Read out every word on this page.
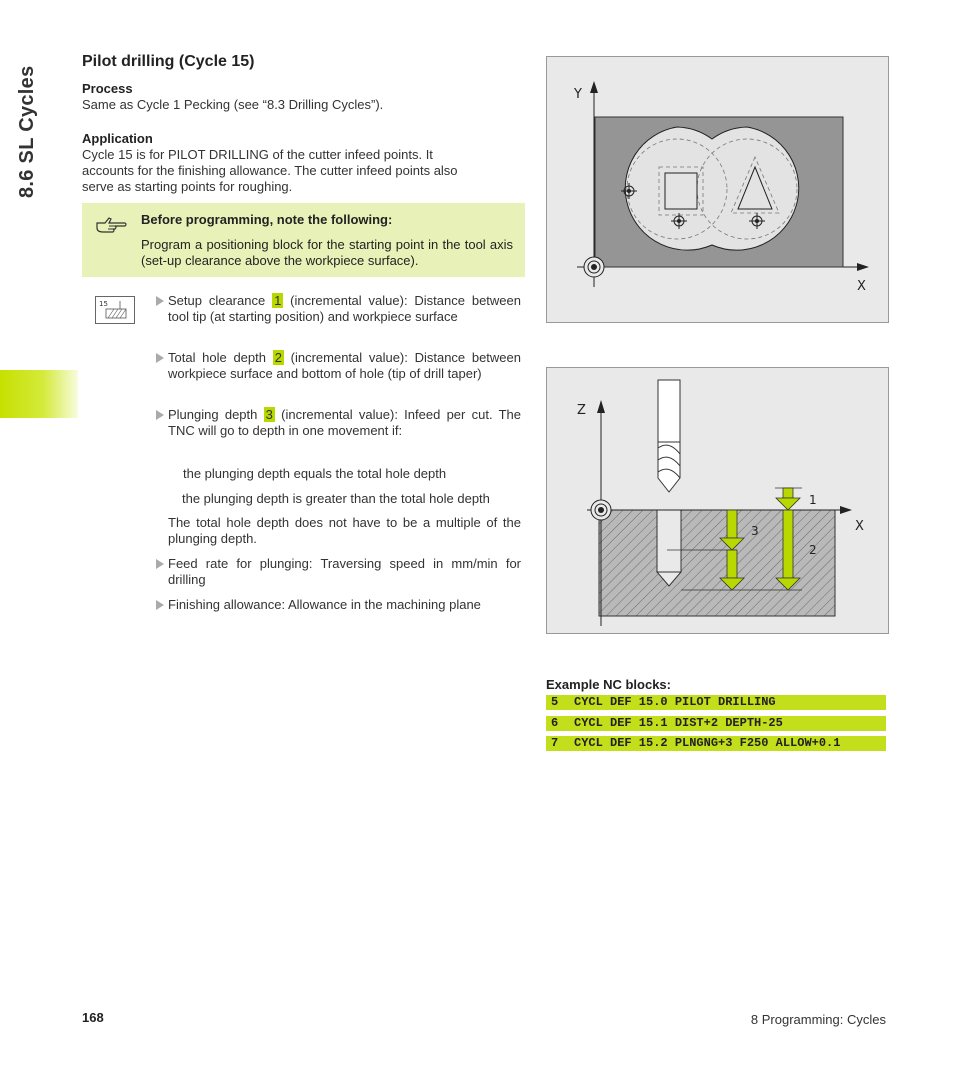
8.6 SL Cycles
Pilot drilling (Cycle 15)
Process
Same as Cycle 1 Pecking (see “8.3 Drilling Cycles”).
Application
Cycle 15 is for PILOT DRILLING of the cutter infeed points. It
accounts for the finishing allowance. The cutter infeed points also
serve as starting points for roughing.
Before programming, note the following:
Program a positioning block for the starting point in the tool axis (set-up clearance above the workpiece surface).
15	Setup clearance 1 (incremental value): Distance between tool tip (at starting position) and workpiece surface
Total hole depth 2 (incremental value): Distance between workpiece surface and bottom of hole (tip of drill taper)
Plunging depth 3 (incremental value): Infeed per cut. The TNC will go to depth in one movement if:
the plunging depth equals the total hole depth
the plunging depth is greater than the total hole depth
The total hole depth does not have to be a multiple of the plunging depth.
Feed rate for plunging: Traversing speed in mm/min for drilling
Finishing allowance: Allowance in the machining plane
Y
X
Z
X
1
2
3
Example NC blocks:
5 CYCL DEF 15.0 PILOT DRILLING
6 CYCL DEF 15.1 DIST+2 DEPTH-25
7 CYCL DEF 15.2 PLNGNG+3 F250 ALLOW+0.1
168	8 Programming: Cycles
